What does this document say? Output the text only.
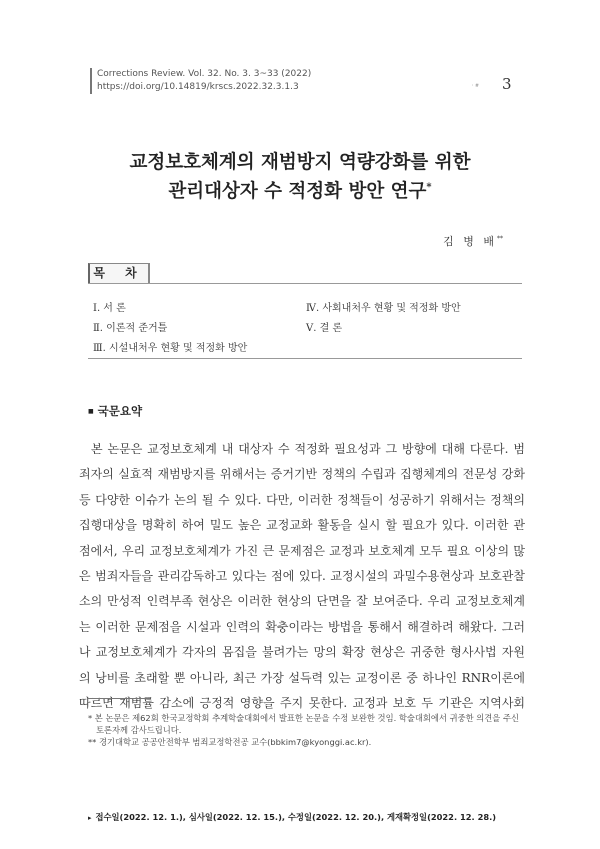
Corrections Review. Vol. 32. No. 3. 3~33 (2022)
https://doi.org/10.14819/krscs.2022.32.3.1.3	ㆍ# 3
교정보호체계의 재범방지 역량강화를 위한
관리대상자 수 적정화 방안 연구*
김 병 배**
목 차
Ⅰ. 서 론
Ⅱ. 이론적 준거틀
Ⅲ. 시설내처우 현황 및 적정화 방안
Ⅳ. 사회내처우 현황 및 적정화 방안
Ⅴ. 결 론
■ 국문요약
본 논문은 교정보호체계 내 대상자 수 적정화 필요성과 그 방향에 대해 다룬다. 범
죄자의 실효적 재범방지를 위해서는 증거기반 정책의 수립과 집행체계의 전문성 강화
등 다양한 이슈가 논의 될 수 있다. 다만, 이러한 정책들이 성공하기 위해서는 정책의
집행대상을 명확히 하여 밀도 높은 교정교화 활동을 실시 할 필요가 있다. 이러한 관
점에서, 우리 교정보호체계가 가진 큰 문제점은 교정과 보호체계 모두 필요 이상의 많
은 범죄자들을 관리감독하고 있다는 점에 있다. 교정시설의 과밀수용현상과 보호관찰
소의 만성적 인력부족 현상은 이러한 현상의 단면을 잘 보여준다. 우리 교정보호체계
는 이러한 문제점을 시설과 인력의 확충이라는 방법을 통해서 해결하려 해왔다. 그러
나 교정보호체계가 각자의 몸집을 불려가는 망의 확장 현상은 귀중한 형사사법 자원
의 낭비를 초래할 뿐 아니라, 최근 가장 설득력 있는 교정이론 중 하나인 RNR이론에
따르면 재범률 감소에 긍정적 영향을 주지 못한다. 교정과 보호 두 기관은 지역사회
* 본 논문은 제62회 한국교정학회 추계학술대회에서 발표한 논문을 수정 보완한 것임. 학술대회에서 귀중한 의견을 주신
토론자께 감사드립니다.
** 경기대학교 공공안전학부 범죄교정학전공 교수(bbkim7@kyonggi.ac.kr).
▸ 접수일(2022. 12. 1.), 심사일(2022. 12. 15.), 수정일(2022. 12. 20.), 게재확정일(2022. 12. 28.)
